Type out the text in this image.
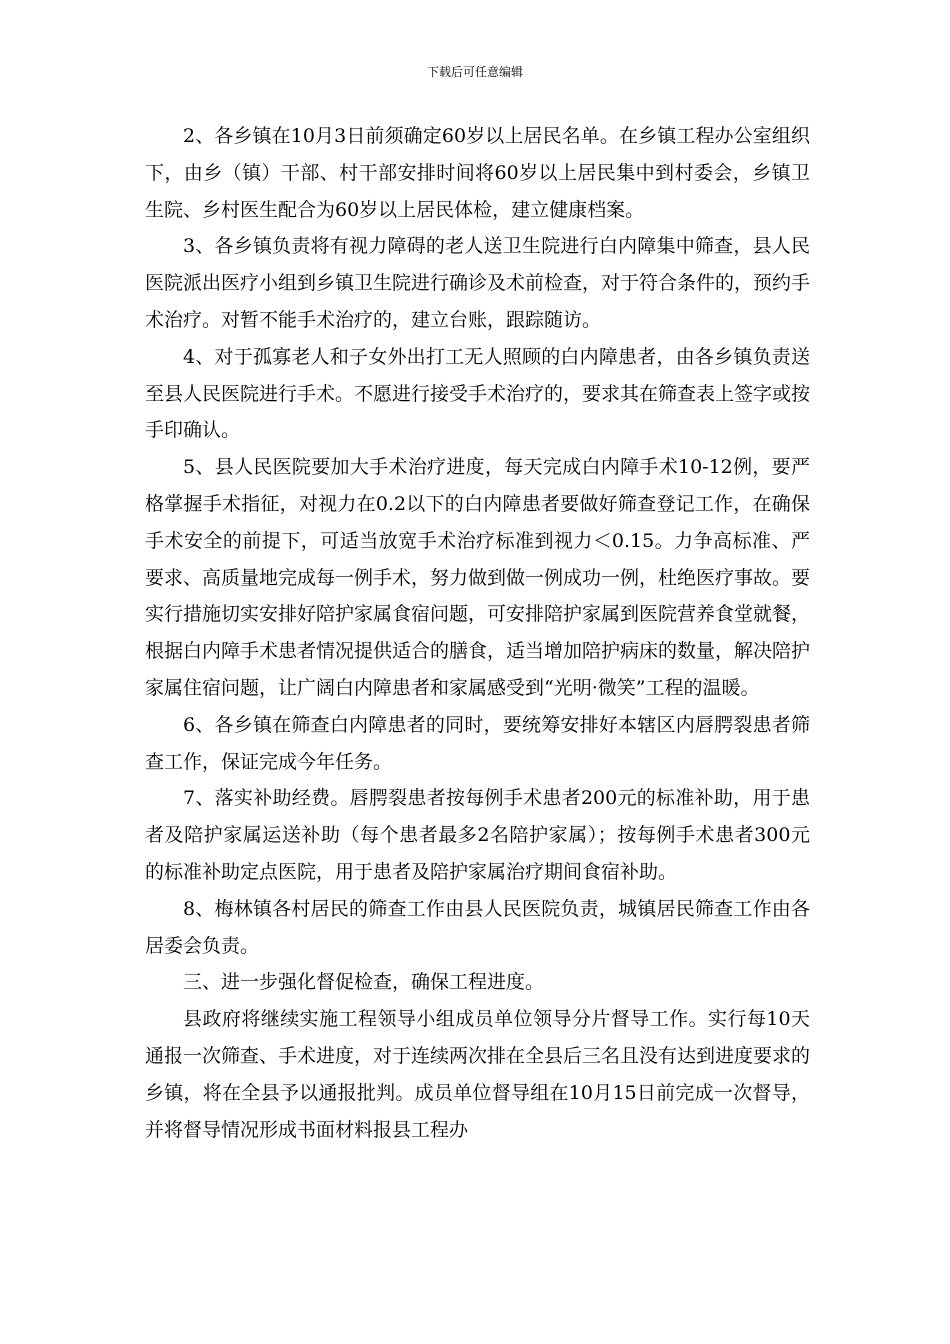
下载后可任意编辑

2、各乡镇在10月3日前须确定60岁以上居民名单。在乡镇工程办公室组织下，由乡（镇）干部、村干部安排时间将60岁以上居民集中到村委会，乡镇卫生院、乡村医生配合为60岁以上居民体检，建立健康档案。

3、各乡镇负责将有视力障碍的老人送卫生院进行白内障集中筛查，县人民医院派出医疗小组到乡镇卫生院进行确诊及术前检查，对于符合条件的，预约手术治疗。对暂不能手术治疗的，建立台账，跟踪随访。

4、对于孤寡老人和子女外出打工无人照顾的白内障患者，由各乡镇负责送至县人民医院进行手术。不愿进行接受手术治疗的，要求其在筛查表上签字或按手印确认。

5、县人民医院要加大手术治疗进度，每天完成白内障手术10-12例，要严格掌握手术指征，对视力在0.2以下的白内障患者要做好筛查登记工作，在确保手术安全的前提下，可适当放宽手术治疗标准到视力＜0.15。力争高标准、严要求、高质量地完成每一例手术，努力做到做一例成功一例，杜绝医疗事故。要实行措施切实安排好陪护家属食宿问题，可安排陪护家属到医院营养食堂就餐，根据白内障手术患者情况提供适合的膳食，适当增加陪护病床的数量，解决陪护家属住宿问题，让广阔白内障患者和家属感受到“光明·微笑”工程的温暖。

6、各乡镇在筛查白内障患者的同时，要统筹安排好本辖区内唇腭裂患者筛查工作，保证完成今年任务。

7、落实补助经费。唇腭裂患者按每例手术患者200元的标准补助，用于患者及陪护家属运送补助（每个患者最多2名陪护家属）；按每例手术患者300元的标准补助定点医院，用于患者及陪护家属治疗期间食宿补助。

8、梅林镇各村居民的筛查工作由县人民医院负责，城镇居民筛查工作由各居委会负责。

三、进一步强化督促检查，确保工程进度。

县政府将继续实施工程领导小组成员单位领导分片督导工作。实行每10天通报一次筛查、手术进度，对于连续两次排在全县后三名且没有达到进度要求的乡镇，将在全县予以通报批判。成员单位督导组在10月15日前完成一次督导，并将督导情况形成书面材料报县工程办
